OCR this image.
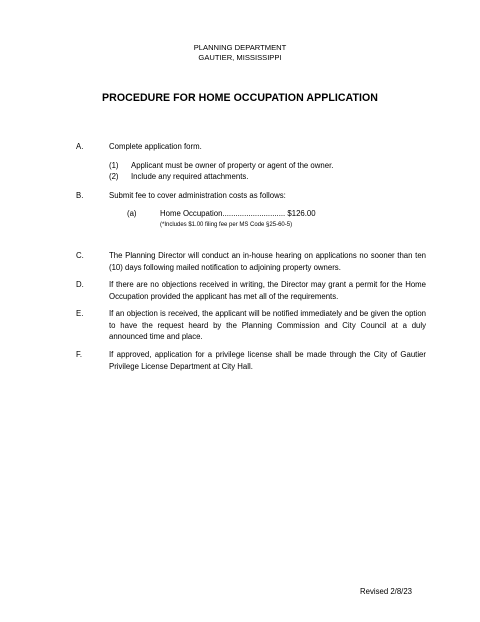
PLANNING DEPARTMENT
GAUTIER, MISSISSIPPI
PROCEDURE FOR HOME OCCUPATION APPLICATION
A.	Complete application form.
(1) Applicant must be owner of property or agent of the owner.
(2) Include any required attachments.
B.	Submit fee to cover administration costs as follows:
(a)	Home Occupation............................. $126.00
(*Includes $1.00 filing fee per MS Code §25-60-5)
C.	The Planning Director will conduct an in-house hearing on applications no sooner than ten (10) days following mailed notification to adjoining property owners.
D.	If there are no objections received in writing, the Director may grant a permit for the Home Occupation provided the applicant has met all of the requirements.
E.	If an objection is received, the applicant will be notified immediately and be given the option to have the request heard by the Planning Commission and City Council at a duly announced time and place.
F.	If approved, application for a privilege license shall be made through the City of Gautier Privilege License Department at City Hall.
Revised 2/8/23
